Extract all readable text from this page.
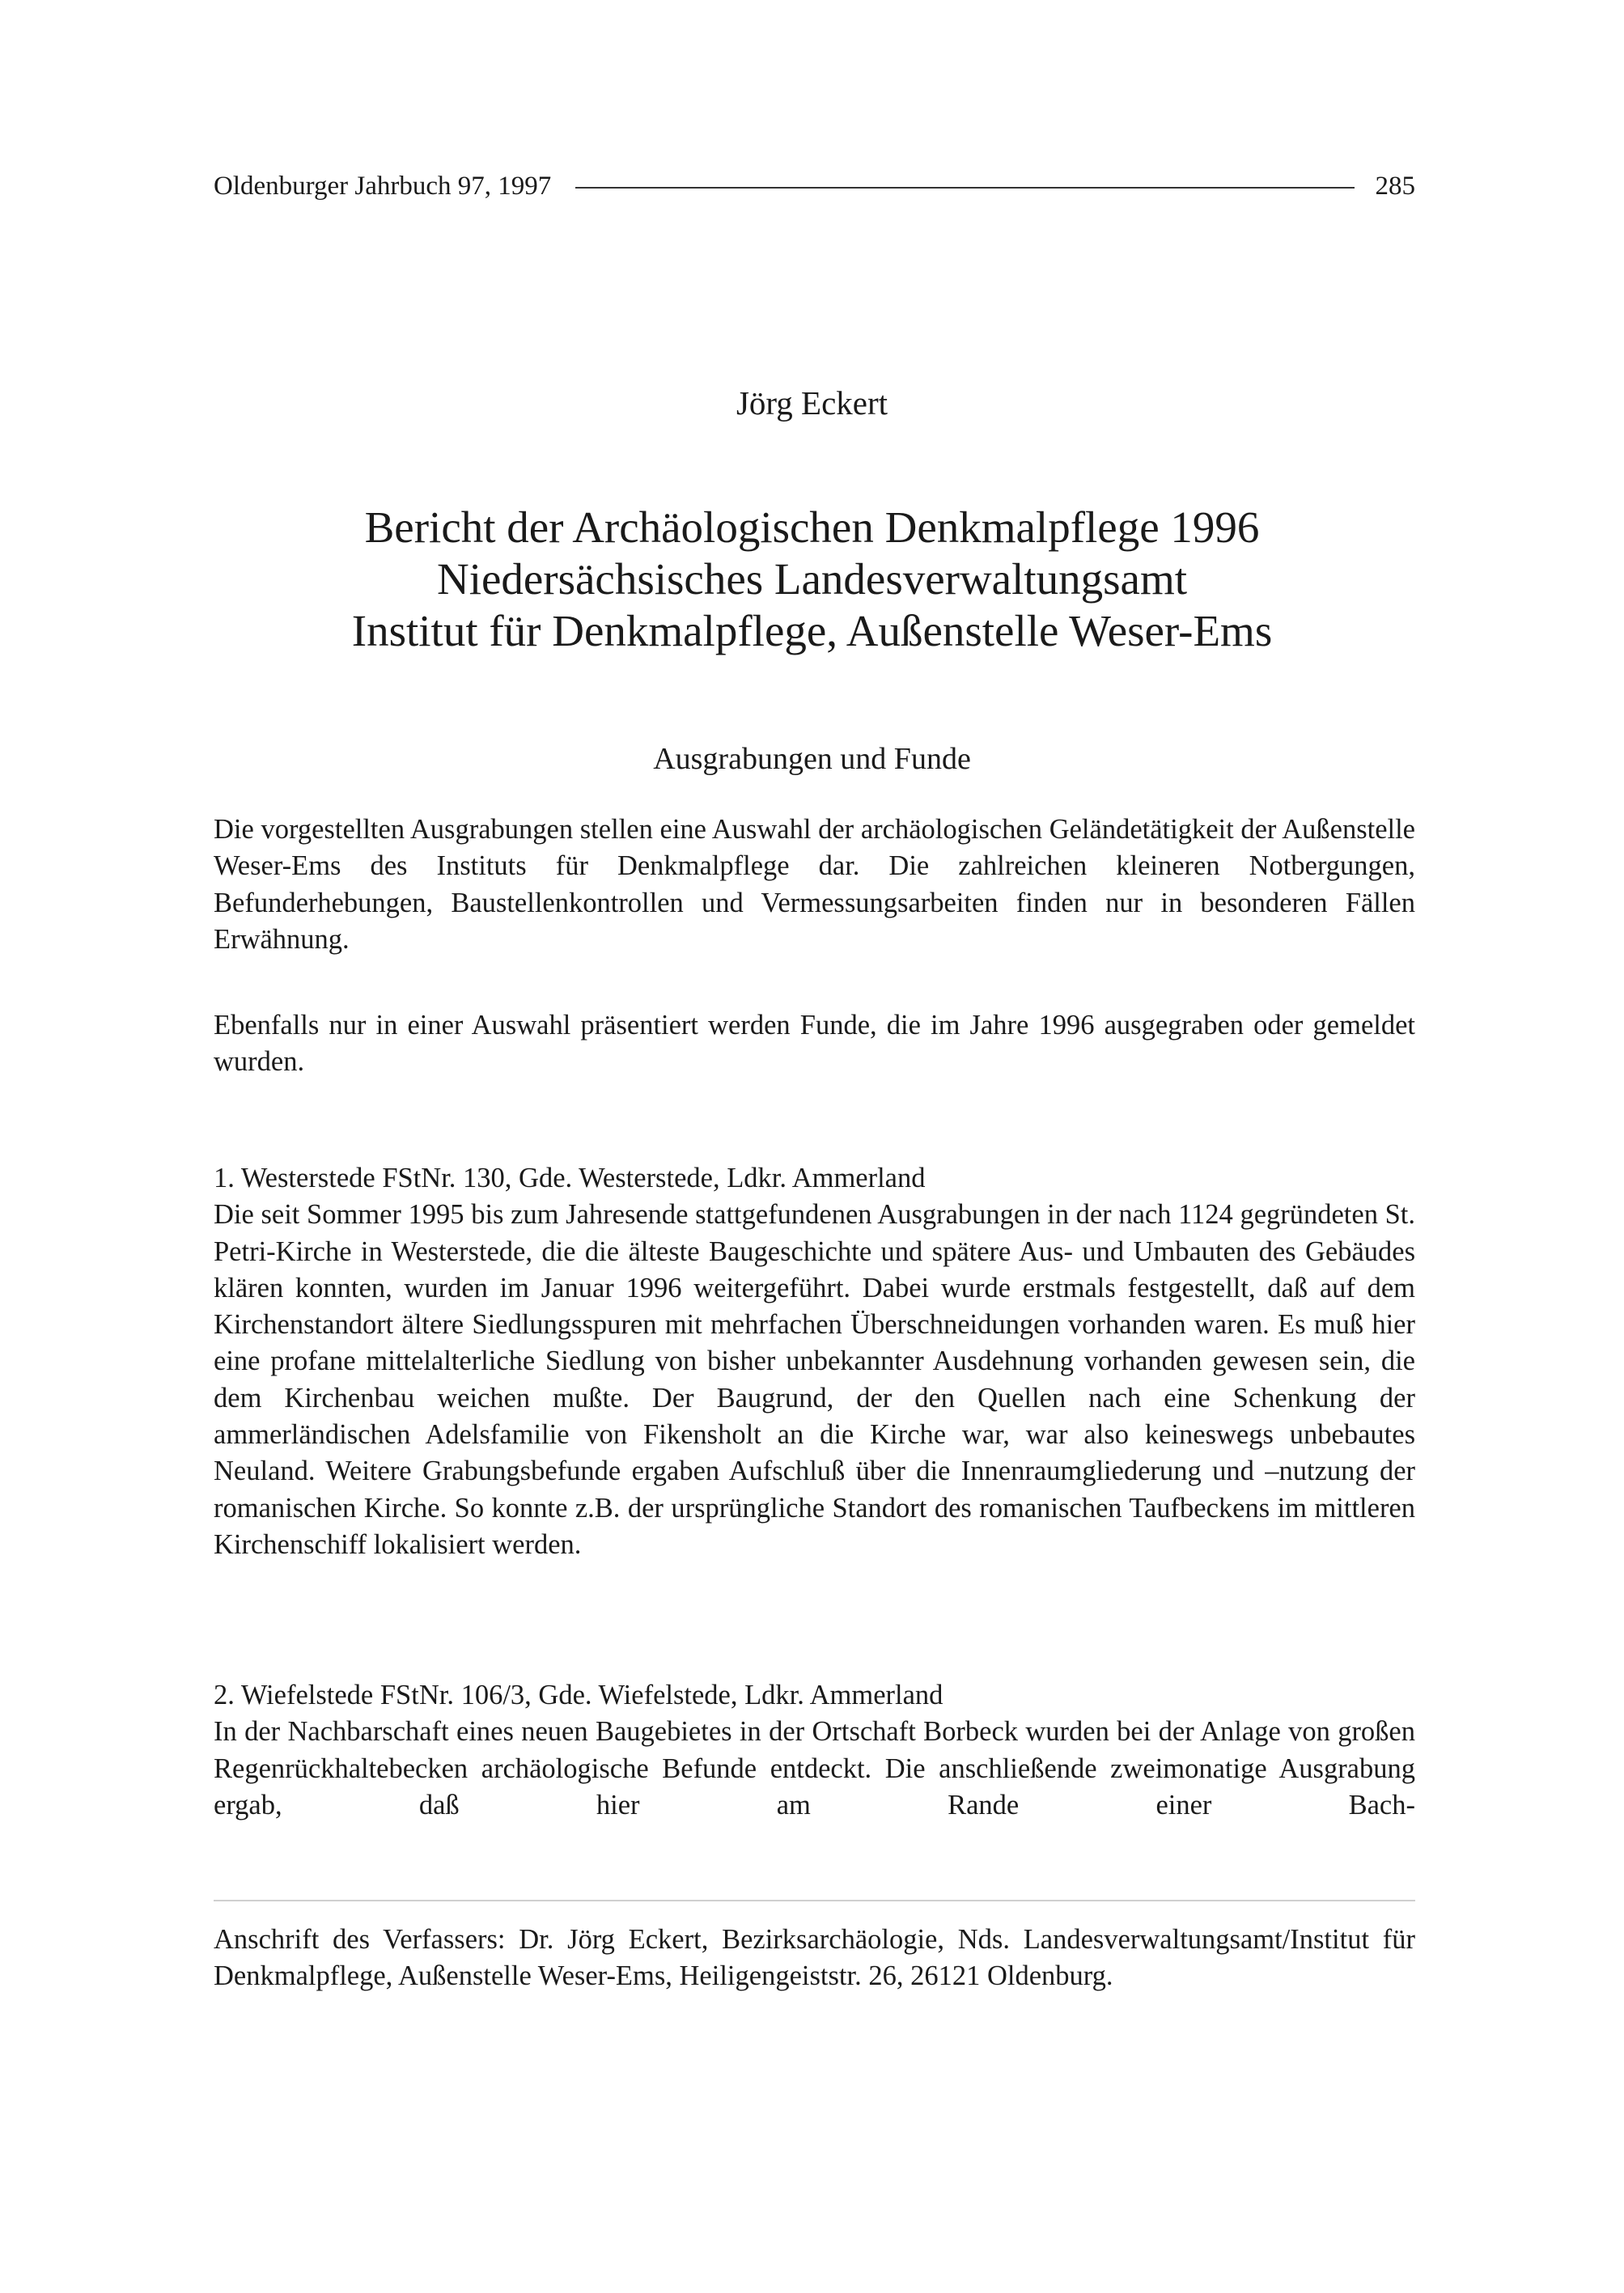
Oldenburger Jahrbuch 97, 1997	285
Jörg Eckert
Bericht der Archäologischen Denkmalpflege 1996
Niedersächsisches Landesverwaltungsamt
Institut für Denkmalpflege, Außenstelle Weser-Ems
Ausgrabungen und Funde

Die vorgestellten Ausgrabungen stellen eine Auswahl der archäologischen Geländetätigkeit der Außenstelle Weser-Ems des Instituts für Denkmalpflege dar. Die zahlreichen kleineren Notbergungen, Befunderhebungen, Baustellenkontrollen und Vermessungsarbeiten finden nur in besonderen Fällen Erwähnung.

Ebenfalls nur in einer Auswahl präsentiert werden Funde, die im Jahre 1996 ausgegraben oder gemeldet wurden.

1. Westerstede FStNr. 130, Gde. Westerstede, Ldkr. Ammerland

Die seit Sommer 1995 bis zum Jahresende stattgefundenen Ausgrabungen in der nach 1124 gegründeten St. Petri-Kirche in Westerstede, die die älteste Baugeschichte und spätere Aus- und Umbauten des Gebäudes klären konnten, wurden im Januar 1996 weitergeführt. Dabei wurde erstmals festgestellt, daß auf dem Kirchenstandort ältere Siedlungsspuren mit mehrfachen Überschneidungen vorhanden waren. Es muß hier eine profane mittelalterliche Siedlung von bisher unbekannter Ausdehnung vorhanden gewesen sein, die dem Kirchenbau weichen mußte. Der Baugrund, der den Quellen nach eine Schenkung der ammerländischen Adelsfamilie von Fikensholt an die Kirche war, war also keineswegs unbebautes Neuland. Weitere Grabungsbefunde ergaben Aufschluß über die Innenraumgliederung und –nutzung der romanischen Kirche. So konnte z.B. der ursprüngliche Standort des romanischen Taufbeckens im mittleren Kirchenschiff lokalisiert werden.

2. Wiefelstede FStNr. 106/3, Gde. Wiefelstede, Ldkr. Ammerland

In der Nachbarschaft eines neuen Baugebietes in der Ortschaft Borbeck wurden bei der Anlage von großen Regenrückhaltebecken archäologische Befunde entdeckt. Die anschließende zweimonatige Ausgrabung ergab, daß hier am Rande einer Bach-

Anschrift des Verfassers: Dr. Jörg Eckert, Bezirksarchäologie, Nds. Landesverwaltungsamt/Institut für Denkmalpflege, Außenstelle Weser-Ems, Heiligengeiststr. 26, 26121 Oldenburg.
